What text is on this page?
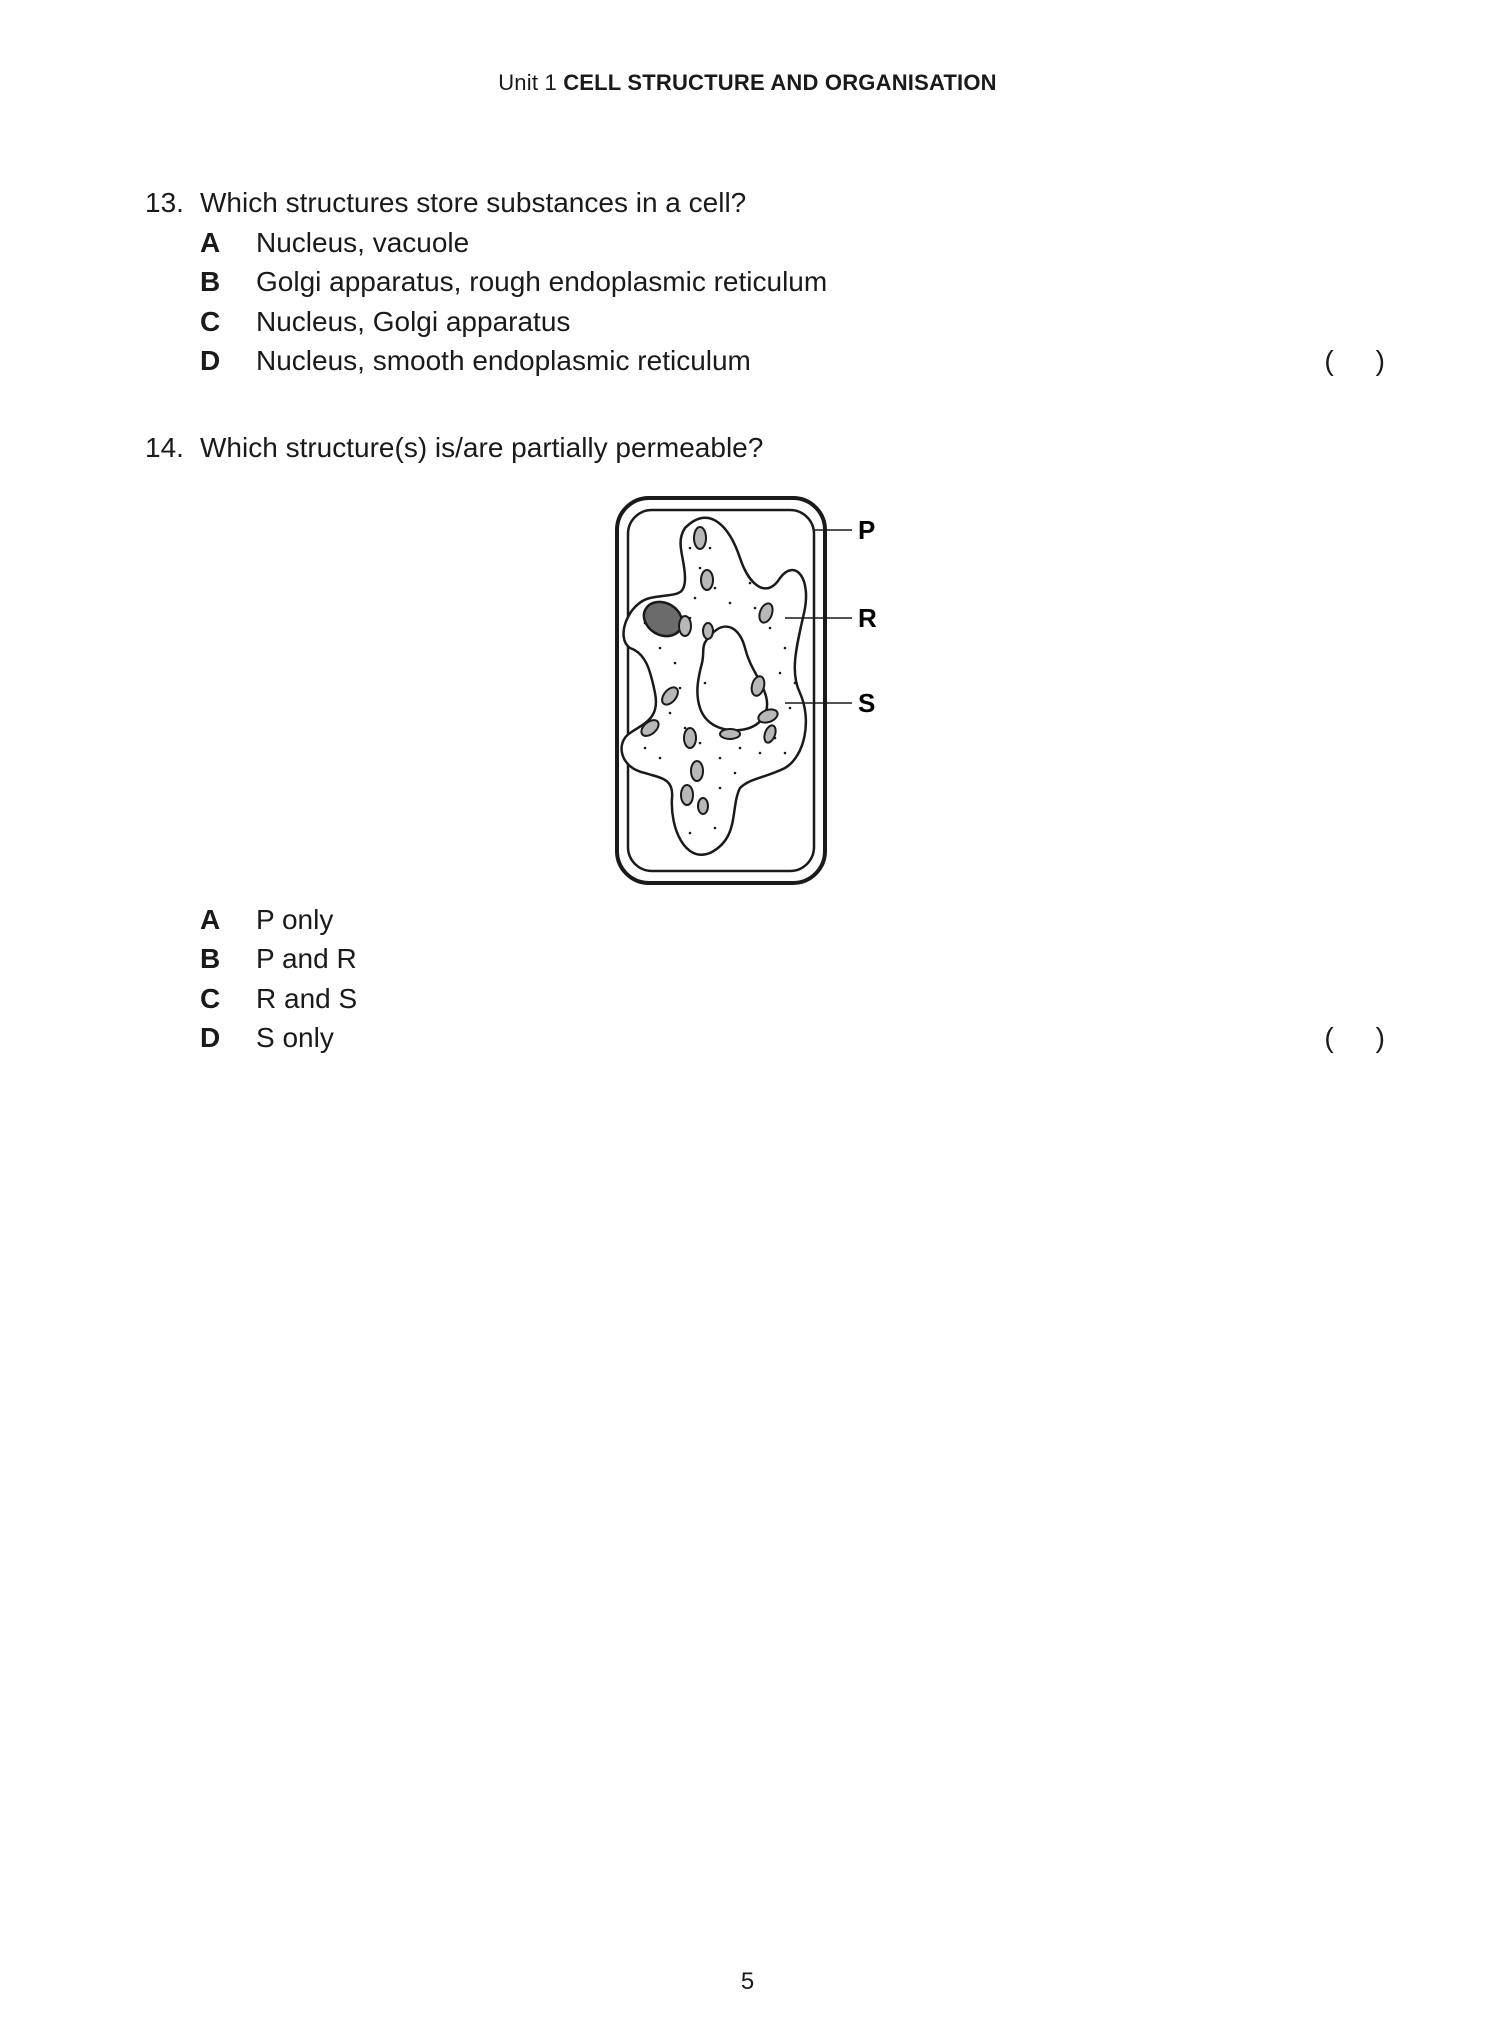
Unit 1 CELL STRUCTURE AND ORGANISATION
13. Which structures store substances in a cell?
A	Nucleus, vacuole
B	Golgi apparatus, rough endoplasmic reticulum
C	Nucleus, Golgi apparatus
D	Nucleus, smooth endoplasmic reticulum	( )
14. Which structure(s) is/are partially permeable?
P
R
S
A	P only
B	P and R
C	R and S
D	S only	( )
5
